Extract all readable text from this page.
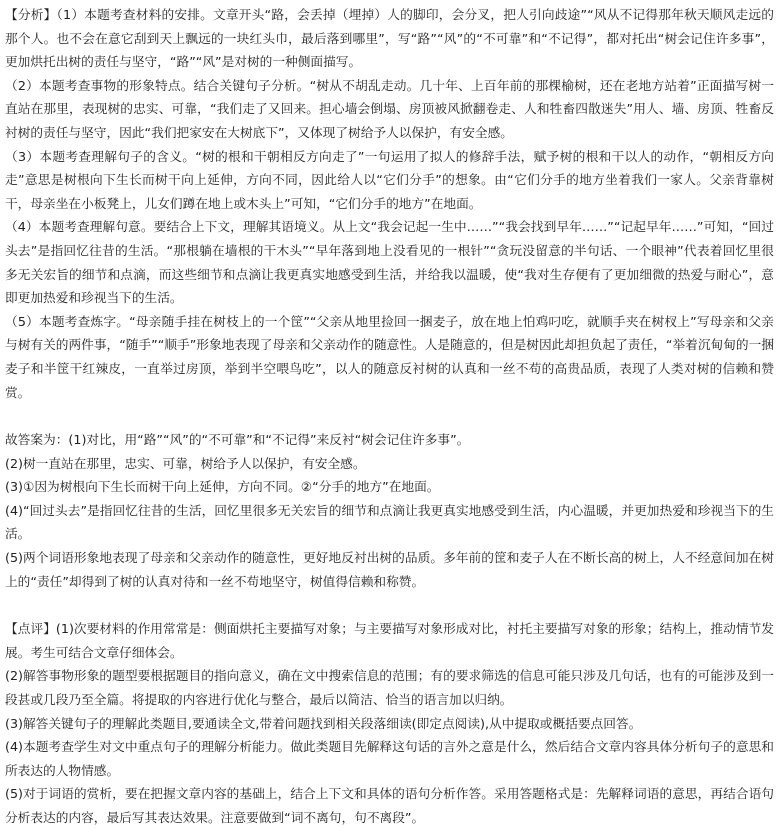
【分析】（1）本题考查材料的安排。文章开头“路，会丢掉（埋掉）人的脚印，会分叉，把人引向歧途”“风从不记得那年秋天顺风走远的那个人。也不会在意它刮到天上飘远的一块红头巾，最后落到哪里”，写“路”“风”的“不可靠”和“不记得”，都对托出“树会记住许多事”，更加烘托出树的责任与坚守，“路”“风”是对树的一种侧面描写。

（2）本题考查事物的形象特点。结合关键句子分析。“树从不胡乱走动。几十年、上百年前的那棵榆树，还在老地方站着”正面描写树一直站在那里，表现树的忠实、可靠，“我们走了又回来。担心墙会倒塌、房顶被风掀翻卷走、人和牲畜四散迷失”用人、墙、房顶、牲畜反衬树的责任与坚守，因此“我们把家安在大树底下”，又体现了树给予人以保护，有安全感。

（3）本题考查理解句子的含义。“树的根和干朝相反方向走了”一句运用了拟人的修辞手法，赋予树的根和干以人的动作，“朝相反方向走”意思是树根向下生长而树干向上延伸，方向不同，因此给人以“它们分手”的想象。由“它们分手的地方坐着我们一家人。父亲背靠树干，母亲坐在小板凳上，儿女们蹲在地上或木头上”可知，“它们分手的地方”在地面。

（4）本题考查理解句意。要结合上下文，理解其语境义。从上文“我会记起一生中……”“我会找到早年……”“记起早年……”可知，“回过头去”是指回忆往昔的生活。“那根躺在墙根的干木头”“早年落到地上没看见的一根针”“贪玩没留意的半句话、一个眼神”代表着回忆里很多无关宏旨的细节和点滴，而这些细节和点滴让我更真实地感受到生活，并给我以温暖，使“我对生存便有了更加细微的热爱与耐心”，意即更加热爱和珍视当下的生活。

（5）本题考查炼字。“母亲随手挂在树枝上的一个筐”“父亲从地里捡回一捆麦子，放在地上怕鸡叼吃，就顺手夹在树杈上”写母亲和父亲与树有关的两件事，“随手”“顺手”形象地表现了母亲和父亲动作的随意性。人是随意的，但是树因此却担负起了责任，“举着沉甸甸的一捆麦子和半筐干红辣皮，一直举过房顶，举到半空喂鸟吃”，以人的随意反衬树的认真和一丝不苟的高贵品质，表现了人类对树的信赖和赞赏。

故答案为：(1)对比，用“路”“风”的“不可靠”和“不记得”来反衬“树会记住许多事”。

(2)树一直站在那里，忠实、可靠，树给予人以保护，有安全感。

(3)①因为树根向下生长而树干向上延伸，方向不同。②“分手的地方”在地面。

(4)“回过头去”是指回忆往昔的生活，回忆里很多无关宏旨的细节和点滴让我更真实地感受到生活，内心温暖，并更加热爱和珍视当下的生活。

(5)两个词语形象地表现了母亲和父亲动作的随意性，更好地反衬出树的品质。多年前的筐和麦子人在不断长高的树上，人不经意间加在树上的“责任”却得到了树的认真对待和一丝不苟地坚守，树值得信赖和称赞。

【点评】(1)次要材料的作用常常是：侧面烘托主要描写对象；与主要描写对象形成对比，衬托主要描写对象的形象；结构上，推动情节发展。考生可结合文章仔细体会。

(2)解答事物形象的题型要根据题目的指向意义，确在文中搜索信息的范围；有的要求筛选的信息可能只涉及几句话，也有的可能涉及到一段甚或几段乃至全篇。将提取的内容进行优化与整合，最后以简洁、恰当的语言加以归纳。

(3)解答关键句子的理解此类题目,要通读全文,带着问题找到相关段落细读(即定点阅读),从中提取或概括要点回答。

(4)本题考查学生对文中重点句子的理解分析能力。做此类题目先解释这句话的言外之意是什么，然后结合文章内容具体分析句子的意思和所表达的人物情感。

(5)对于词语的赏析，要在把握文章内容的基础上，结合上下文和具体的语句分析作答。采用答题格式是：先解释词语的意思，再结合语句分析表达的内容，最后写其表达效果。注意要做到“词不离句，句不离段”。
